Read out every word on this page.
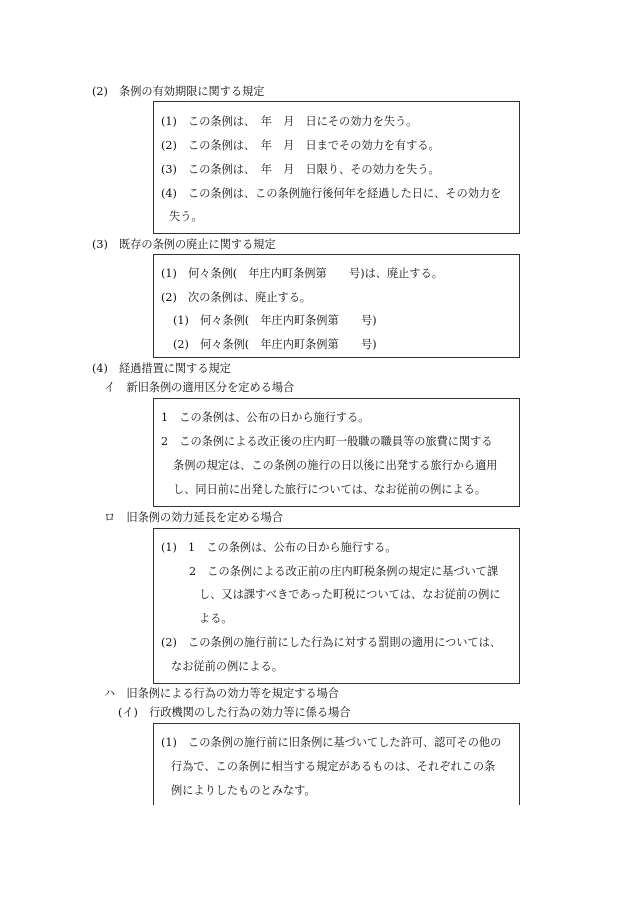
(2)　条例の有効期限に関する規定
(1)　この条例は、　年　月　日にその効力を失う。
(2)　この条例は、　年　月　日までその効力を有する。
(3)　この条例は、　年　月　日限り、その効力を失う。
(4)　この条例は、この条例施行後何年を経過した日に、その効力を
失う。
(3)　既存の条例の廃止に関する規定
(1)　何々条例(　年庄内町条例第　　号)は、廃止する。
(2)　次の条例は、廃止する。
(1)　何々条例(　年庄内町条例第　　号)
(2)　何々条例(　年庄内町条例第　　号)
(4)　経過措置に関する規定
イ　新旧条例の適用区分を定める場合
1　この条例は、公布の日から施行する。
2　この条例による改正後の庄内町一般職の職員等の旅費に関する
条例の規定は、この条例の施行の日以後に出発する旅行から適用
し、同日前に出発した旅行については、なお従前の例による。
ロ　旧条例の効力延長を定める場合
(1)　1　この条例は、公布の日から施行する。
2　この条例による改正前の庄内町税条例の規定に基づいて課
し、又は課すべきであった町税については、なお従前の例に
よる。
(2)　この条例の施行前にした行為に対する罰則の適用については、
なお従前の例による。
ハ　旧条例による行為の効力等を規定する場合
(イ)　行政機関のした行為の効力等に係る場合
(1)　この条例の施行前に旧条例に基づいてした許可、認可その他の
行為で、この条例に相当する規定があるものは、それぞれこの条
例によりしたものとみなす。
